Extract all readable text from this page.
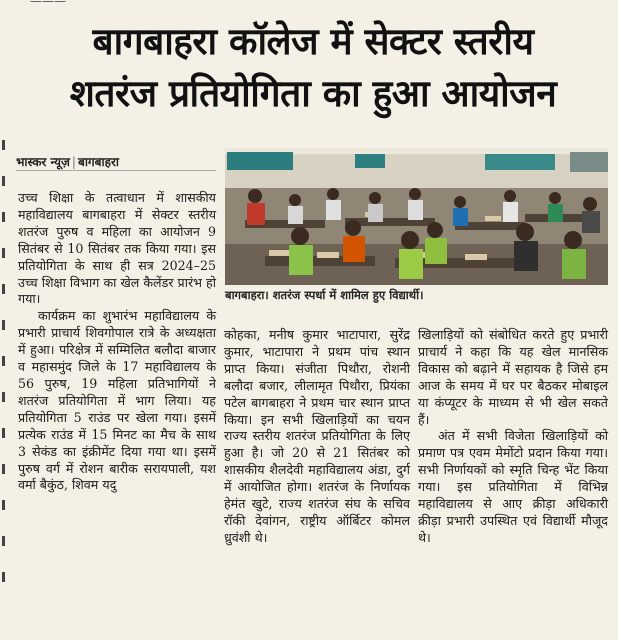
———
बागबाहरा कॉलेज में सेक्टर स्तरीय
शतरंज प्रतियोगिता का हुआ आयोजन
भास्कर न्यूज़ | बागबाहरा

उच्च शिक्षा के तत्वाधान में शासकीय महाविद्यालय बागबाहरा में सेक्टर स्तरीय शतरंज पुरुष व महिला का आयोजन 9 सितंबर से 10 सितंबर तक किया गया। इस प्रतियोगिता के साथ ही सत्र 2024–25 उच्च शिक्षा विभाग का खेल कैलेंडर प्रारंभ हो गया।

कार्यक्रम का शुभारंभ महाविद्यालय के प्रभारी प्राचार्य शिवगोपाल रात्रे के अध्यक्षता में हुआ। परिक्षेत्र में सम्मिलित बलौदा बाजार व महासमुंद जिले के 17 महाविद्यालय के 56 पुरुष, 19 महिला प्रतिभागियों ने शतरंज प्रतियोगिता में भाग लिया। यह प्रतियोगिता 5 राउंड पर खेला गया। इसमें प्रत्येक राउंड में 15 मिनट का मैच के साथ 3 सेकंड का इंक्रीमेंट दिया गया था। इसमें पुरुष वर्ग में रोशन बारीक सरायपाली, यश वर्मा बैकुंठ, शिवम यदु

बागबाहरा। शतरंज स्पर्धा में शामिल हुए विद्यार्थी।

कोहका, मनीष कुमार भाटापारा, सुरेंद्र कुमार, भाटापारा ने प्रथम पांच स्थान प्राप्त किया। संजीता पिथौरा, रोशनी बलौदा बजार, लीलामृत पिथौरा, प्रियंका पटेल बागबाहरा ने प्रथम चार स्थान प्राप्त किया। इन सभी खिलाड़ियों का चयन राज्य स्तरीय शतरंज प्रतियोगिता के लिए हुआ है। जो 20 से 21 सितंबर को शासकीय शैलदेवी महाविद्यालय अंडा, दुर्ग में आयोजित होगा। शतरंज के निर्णायक हेमंत खुटे, राज्य शतरंज संघ के सचिव रॉकी देवांगन, राष्ट्रीय ऑर्बिटर कोमल ध्रुवंशी थे।

खिलाड़ियों को संबोधित करते हुए प्रभारी प्राचार्य ने कहा कि यह खेल मानसिक विकास को बढ़ाने में सहायक है जिसे हम आज के समय में घर पर बैठकर मोबाइल या कंप्यूटर के माध्यम से भी खेल सकते हैं।

अंत में सभी विजेता खिलाड़ियों को प्रमाण पत्र एवम मेमोंटो प्रदान किया गया। सभी निर्णायकों को स्मृति चिन्ह भेंट किया गया। इस प्रतियोगिता में विभिन्न महाविद्यालय से आए क्रीड़ा अधिकारी क्रीड़ा प्रभारी उपस्थित एवं विद्यार्थी मौजूद थे।
